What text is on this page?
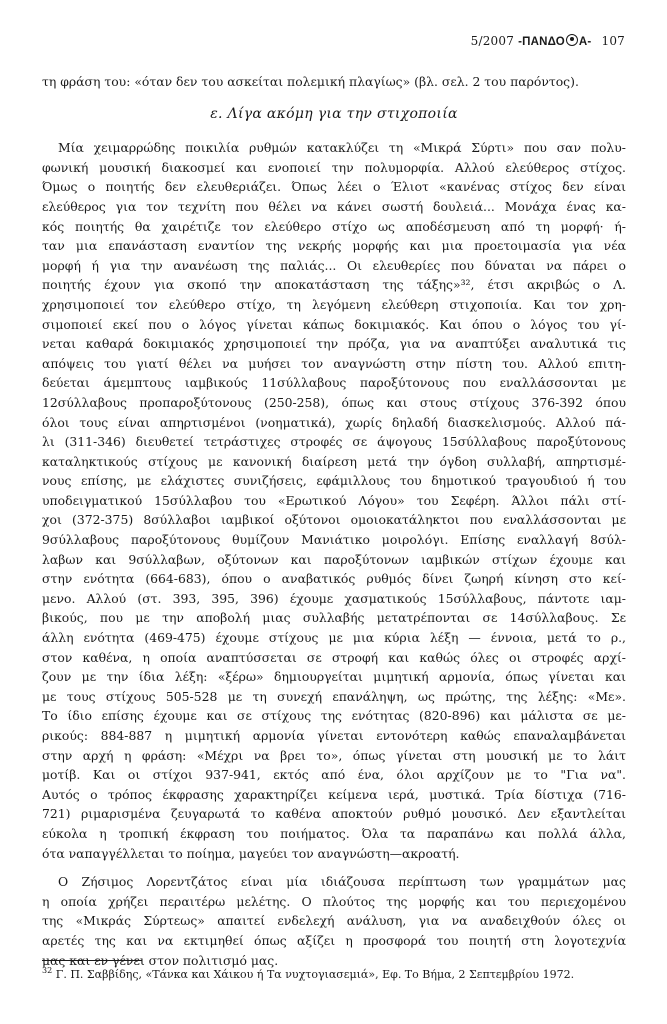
5/2007 -ΠΑΝΔΟ Α- 107
τη φράση του: «όταν δεν του ασκείται πολεμική πλαγίως» (βλ. σελ. 2 του παρόντος).
ε. Λίγα ακόμη για την στιχοποιία
Μία χειμαρρώδης ποικιλία ρυθμών κατακλύζει τη «Μικρά Σύρτι» που σαν πολυ-
φωνική μουσική διακοσμεί και ενοποιεί την πολυμορφία. Αλλού ελεύθερος στίχος.
Όμως ο ποιητής δεν ελευθεριάζει. Όπως λέει ο Έλιοτ «κανένας στίχος δεν είναι
ελεύθερος για τον τεχνίτη που θέλει να κάνει σωστή δουλειά... Μονάχα ένας κα-
κός ποιητής θα χαιρέτιζε τον ελεύθερο στίχο ως αποδέσμευση από τη μορφή· ή-
ταν μια επανάσταση εναντίον της νεκρής μορφής και μια προετοιμασία για νέα
μορφή ή για την ανανέωση της παλιάς... Οι ελευθερίες που δύναται να πάρει ο
ποιητής έχουν για σκοπό την αποκατάσταση της τάξης»³², έτσι ακριβώς ο Λ.
χρησιμοποιεί τον ελεύθερο στίχο, τη λεγόμενη ελεύθερη στιχοποιία. Και τον χρη-
σιμοποιεί εκεί που ο λόγος γίνεται κάπως δοκιμιακός. Και όπου ο λόγος του γί-
νεται καθαρά δοκιμιακός χρησιμοποιεί την πρόζα, για να αναπτύξει αναλυτικά τις
απόψεις του γιατί θέλει να μυήσει τον αναγνώστη στην πίστη του. Αλλού επιτη-
δεύεται άμεμπτους ιαμβικούς 11σύλλαβους παροξύτονους που εναλλάσσονται με
12σύλλαβους προπαροξύτονους (250-258), όπως και στους στίχους 376-392 όπου
όλοι τους είναι απηρτισμένοι (νοηματικά), χωρίς δηλαδή διασκελισμούς. Αλλού πά-
λι (311-346) διευθετεί τετράστιχες στροφές σε άψογους 15σύλλαβους παροξύτονους
καταληκτικούς στίχους με κανονική διαίρεση μετά την όγδοη συλλαβή, απηρτισμέ-
νους επίσης, με ελάχιστες συνιζήσεις, εφάμιλλους του δημοτικού τραγουδιού ή του
υποδειγματικού 15σύλλαβου του «Ερωτικού Λόγου» του Σεφέρη. Άλλοι πάλι στί-
χοι (372-375) 8σύλλαβοι ιαμβικοί οξύτονοι ομοιοκατάληκτοι που εναλλάσσονται με
9σύλλαβους παροξύτονους θυμίζουν Μανιάτικο μοιρολόγι. Επίσης εναλλαγή 8σύλ-
λαβων και 9σύλλαβων, οξύτονων και παροξύτονων ιαμβικών στίχων έχουμε και
στην ενότητα (664-683), όπου ο αναβατικός ρυθμός δίνει ζωηρή κίνηση στο κεί-
μενο. Αλλού (στ. 393, 395, 396) έχουμε χασματικούς 15σύλλαβους, πάντοτε ιαμ-
βικούς, που με την αποβολή μιας συλλαβής μετατρέπονται σε 14σύλλαβους. Σε
άλλη ενότητα (469-475) έχουμε στίχους με μια κύρια λέξη — έννοια, μετά το ρ.,
στον καθένα, η οποία αναπτύσσεται σε στροφή και καθώς όλες οι στροφές αρχί-
ζουν με την ίδια λέξη: «ξέρω» δημιουργείται μιμητική αρμονία, όπως γίνεται και
με τους στίχους 505-528 με τη συνεχή επανάληψη, ως πρώτης, της λέξης: «Με».
Το ίδιο επίσης έχουμε και σε στίχους της ενότητας (820-896) και μάλιστα σε με-
ρικούς: 884-887 η μιμητική αρμονία γίνεται εντονότερη καθώς επαναλαμβάνεται
στην αρχή η φράση: «Μέχρι να βρει το», όπως γίνεται στη μουσική με το λάιτ
μοτίβ. Και οι στίχοι 937-941, εκτός από ένα, όλοι αρχίζουν με το "Για να".
Αυτός ο τρόπος έκφρασης χαρακτηρίζει κείμενα ιερά, μυστικά. Τρία δίστιχα (716-
721) ριμαρισμένα ζευγαρωτά το καθένα αποκτούν ρυθμό μουσικό. Δεν εξαντλείται
εύκολα η τροπική έκφραση του ποιήματος. Όλα τα παραπάνω και πολλά άλλα,
ότα ναπαγγέλλεται το ποίημα, μαγεύει τον αναγνώστη—ακροατή.
Ο Ζήσιμος Λορεντζάτος είναι μία ιδιάζουσα περίπτωση των γραμμάτων μας
η οποία χρήζει περαιτέρω μελέτης. Ο πλούτος της μορφής και του περιεχομένου
της «Μικράς Σύρτεως» απαιτεί ενδελεχή ανάλυση, για να αναδειχθούν όλες οι
αρετές της και να εκτιμηθεί όπως αξίζει η προσφορά του ποιητή στη λογοτεχνία
μας και εν γένει στον πολιτισμό μας.
$^{32}$ Γ. Π. Σαββίδης, «Τάνκα και Χάικου ή Τα νυχτογιασεμιά», Εφ. Το Βήμα, 2 Σεπτεμβρίου 1972.
